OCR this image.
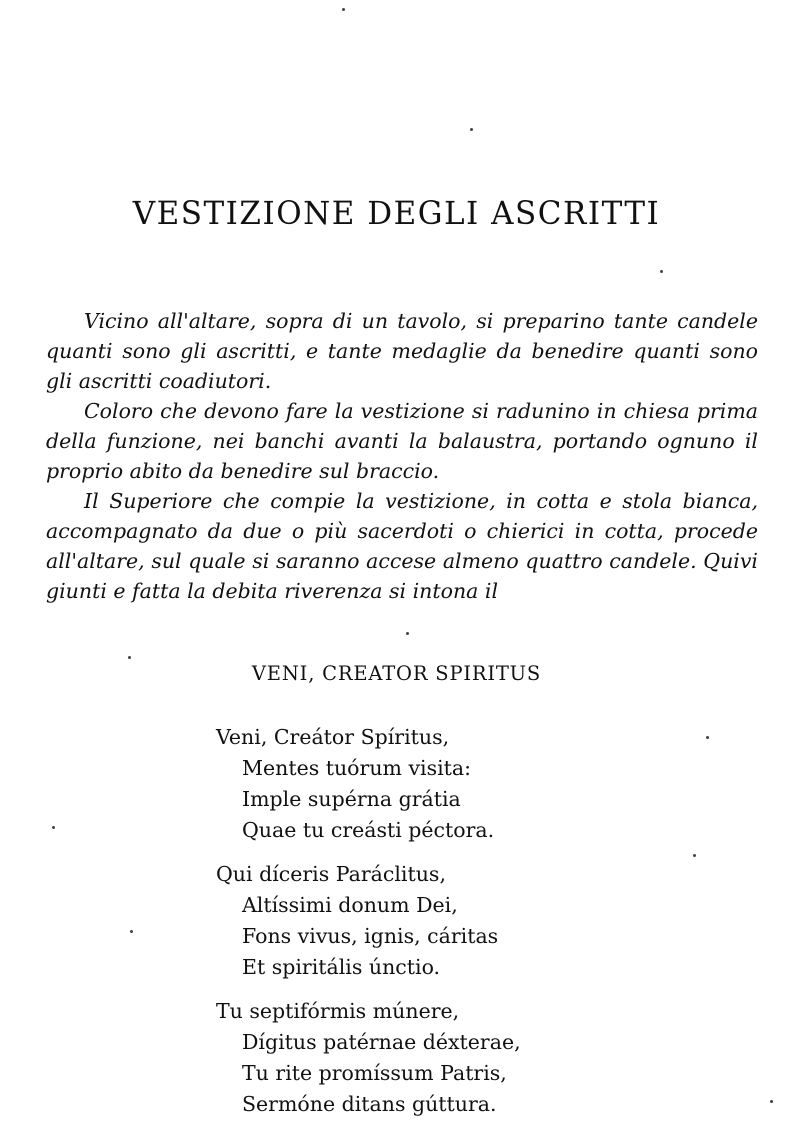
VESTIZIONE DEGLI ASCRITTI

Vicino all'altare, sopra di un tavolo, si preparino tante candele quanti sono gli ascritti, e tante medaglie da benedire quanti sono gli ascritti coadiutori.

Coloro che devono fare la vestizione si radunino in chiesa prima della funzione, nei banchi avanti la balaustra, portando ognuno il proprio abito da benedire sul braccio.

Il Superiore che compie la vestizione, in cotta e stola bianca, accompagnato da due o più sacerdoti o chierici in cotta, procede all'altare, sul quale si saranno accese almeno quattro candele. Quivi giunti e fatta la debita riverenza si intona il

VENI, CREATOR SPIRITUS
Veni, Creátor Spíritus,
Mentes tuórum visita:
Imple supérna grátia
Quae tu creásti péctora.
Qui díceris Paráclitus,
Altíssimi donum Dei,
Fons vivus, ignis, cáritas
Et spiritális únctio.
Tu septifórmis múnere,
Dígitus patérnae déxterae,
Tu rite promíssum Patris,
Sermóne ditans gúttura.
